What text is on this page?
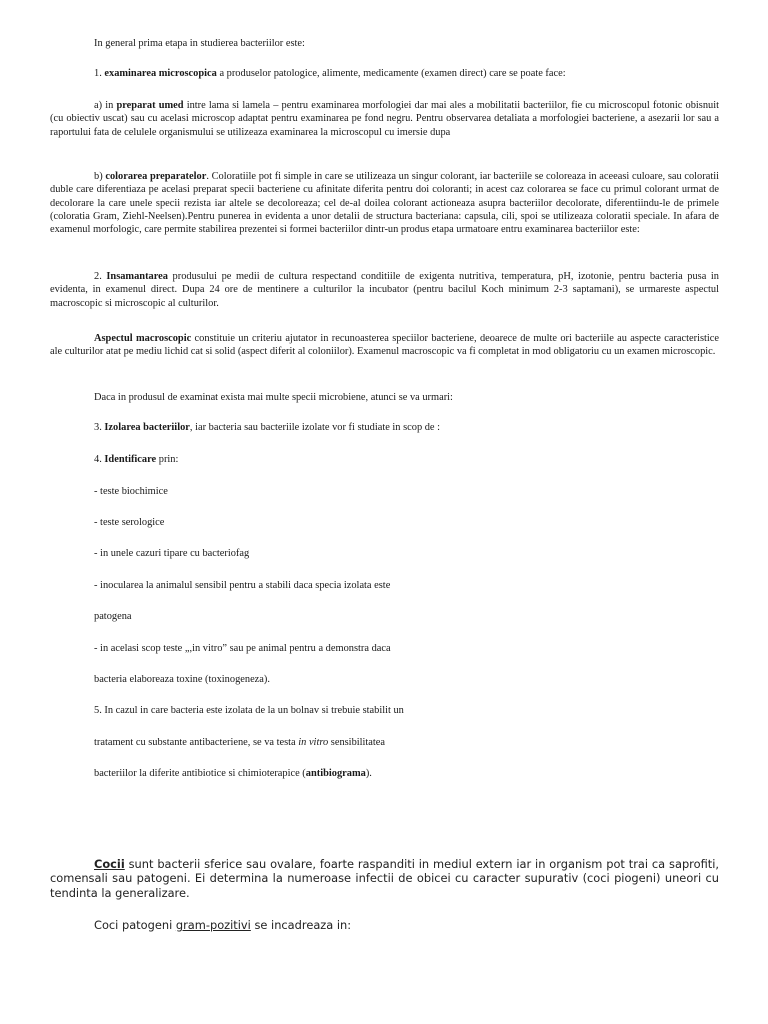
In general prima etapa in studierea bacteriilor este:

1. examinarea microscopica a produselor patologice, alimente, medicamente (examen direct) care se poate face:

a) in preparat umed intre lama si lamela – pentru examinarea morfologiei dar mai ales a mobilitatii bacteriilor, fie cu microscopul fotonic obisnuit (cu obiectiv uscat) sau cu acelasi microscop adaptat pentru examinarea pe fond negru. Pentru observarea detaliata a morfologiei bacteriene, a asezarii lor sau a raportului fata de celulele organismului se utilizeaza examinarea la microscopul cu imersie dupa

b) colorarea preparatelor. Coloratiile pot fi simple in care se utilizeaza un singur colorant, iar bacteriile se coloreaza in aceeasi culoare, sau coloratii duble care diferentiaza pe acelasi preparat specii bacteriene cu afinitate diferita pentru doi coloranti; in acest caz colorarea se face cu primul colorant urmat de decolorare la care unele specii rezista iar altele se decoloreaza; cel de-al doilea colorant actioneaza asupra bacteriilor decolorate, diferentiindu-le de primele (coloratia Gram, Ziehl-Neelsen).Pentru punerea in evidenta a unor detalii de structura bacteriana: capsula, cili, spoi se utilizeaza coloratii speciale. In afara de examenul morfologic, care permite stabilirea prezentei si formei bacteriilor dintr-un produs etapa urmatoare entru examinarea bacteriilor este:

2. Insamantarea produsului pe medii de cultura respectand conditiile de exigenta nutritiva, temperatura, pH, izotonie, pentru bacteria pusa in evidenta, in examenul direct. Dupa 24 ore de mentinere a culturilor la incubator (pentru bacilul Koch minimum 2-3 saptamani), se urmareste aspectul macroscopic si microscopic al culturilor.

Aspectul macroscopic constituie un criteriu ajutator in recunoasterea speciilor bacteriene, deoarece de multe ori bacteriile au aspecte caracteristice ale culturilor atat pe mediu lichid cat si solid (aspect diferit al coloniilor). Examenul macroscopic va fi completat in mod obligatoriu cu un examen microscopic.

Daca in produsul de examinat exista mai multe specii microbiene, atunci se va urmari:

3. Izolarea bacteriilor, iar bacteria sau bacteriile izolate vor fi studiate in scop de :

4. Identificare prin:

- teste biochimice

- teste serologice

- in unele cazuri tipare cu bacteriofag

- inocularea la animalul sensibil pentru a stabili daca specia izolata este

patogena

- in acelasi scop teste „,in vitro” sau pe animal pentru a demonstra daca

bacteria elaboreaza toxine (toxinogeneza).

5. In cazul in care bacteria este izolata de la un bolnav si trebuie stabilit un

tratament cu substante antibacteriene, se va testa in vitro sensibilitatea

bacteriilor la diferite antibiotice si chimioterapice (antibiograma).

Cocii sunt bacterii sferice sau ovalare, foarte raspanditi in mediul extern iar in organism pot trai ca saprofiti, comensali sau patogeni. Ei determina la numeroase infectii de obicei cu caracter supurativ (coci piogeni) uneori cu tendinta la generalizare.

Coci patogeni gram-pozitivi se incadreaza in:
